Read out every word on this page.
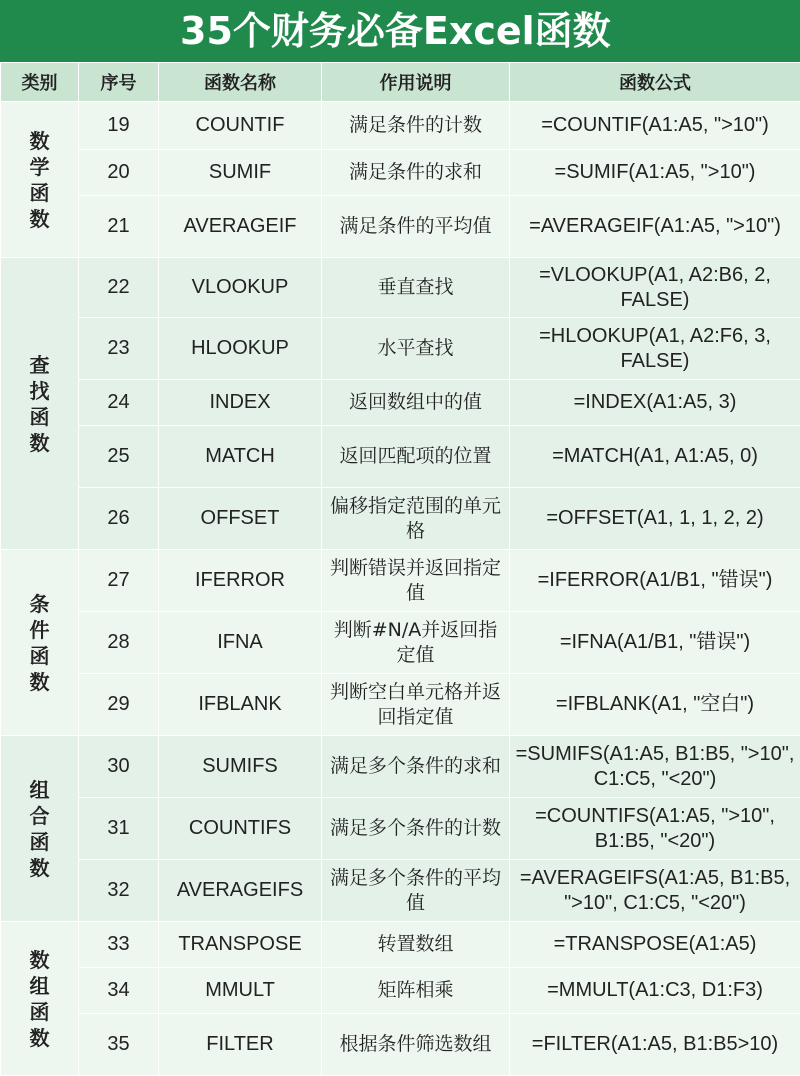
35个财务必备Excel函数
类别	序号	函数名称	作用说明	函数公式

数
学
函
数	19	COUNTIF	满足条件的计数	=COUNTIF(A1:A5, ">10")
	20	SUMIF	满足条件的求和	=SUMIF(A1:A5, ">10")
	21	AVERAGEIF	满足条件的平均值	=AVERAGEIF(A1:A5, ">10")

查
找
函
数	22	VLOOKUP	垂直查找	=VLOOKUP(A1, A2:B6, 2, FALSE)
	23	HLOOKUP	水平查找	=HLOOKUP(A1, A2:F6, 3, FALSE)
	24	INDEX	返回数组中的值	=INDEX(A1:A5, 3)
	25	MATCH	返回匹配项的位置	=MATCH(A1, A1:A5, 0)
	26	OFFSET	偏移指定范围的单元格	=OFFSET(A1, 1, 1, 2, 2)

条
件
函
数	27	IFERROR	判断错误并返回指定值	=IFERROR(A1/B1, "错误")
	28	IFNA	判断#N/A并返回指定值	=IFNA(A1/B1, "错误")
	29	IFBLANK	判断空白单元格并返回指定值	=IFBLANK(A1, "空白")

组
合
函
数	30	SUMIFS	满足多个条件的求和	=SUMIFS(A1:A5, B1:B5, ">10", C1:C5, "<20")
	31	COUNTIFS	满足多个条件的计数	=COUNTIFS(A1:A5, ">10", B1:B5, "<20")
	32	AVERAGEIFS	满足多个条件的平均值	=AVERAGEIFS(A1:A5, B1:B5, ">10", C1:C5, "<20")

数
组
函
数	33	TRANSPOSE	转置数组	=TRANSPOSE(A1:A5)
	34	MMULT	矩阵相乘	=MMULT(A1:C3, D1:F3)
	35	FILTER	根据条件筛选数组	=FILTER(A1:A5, B1:B5>10)
